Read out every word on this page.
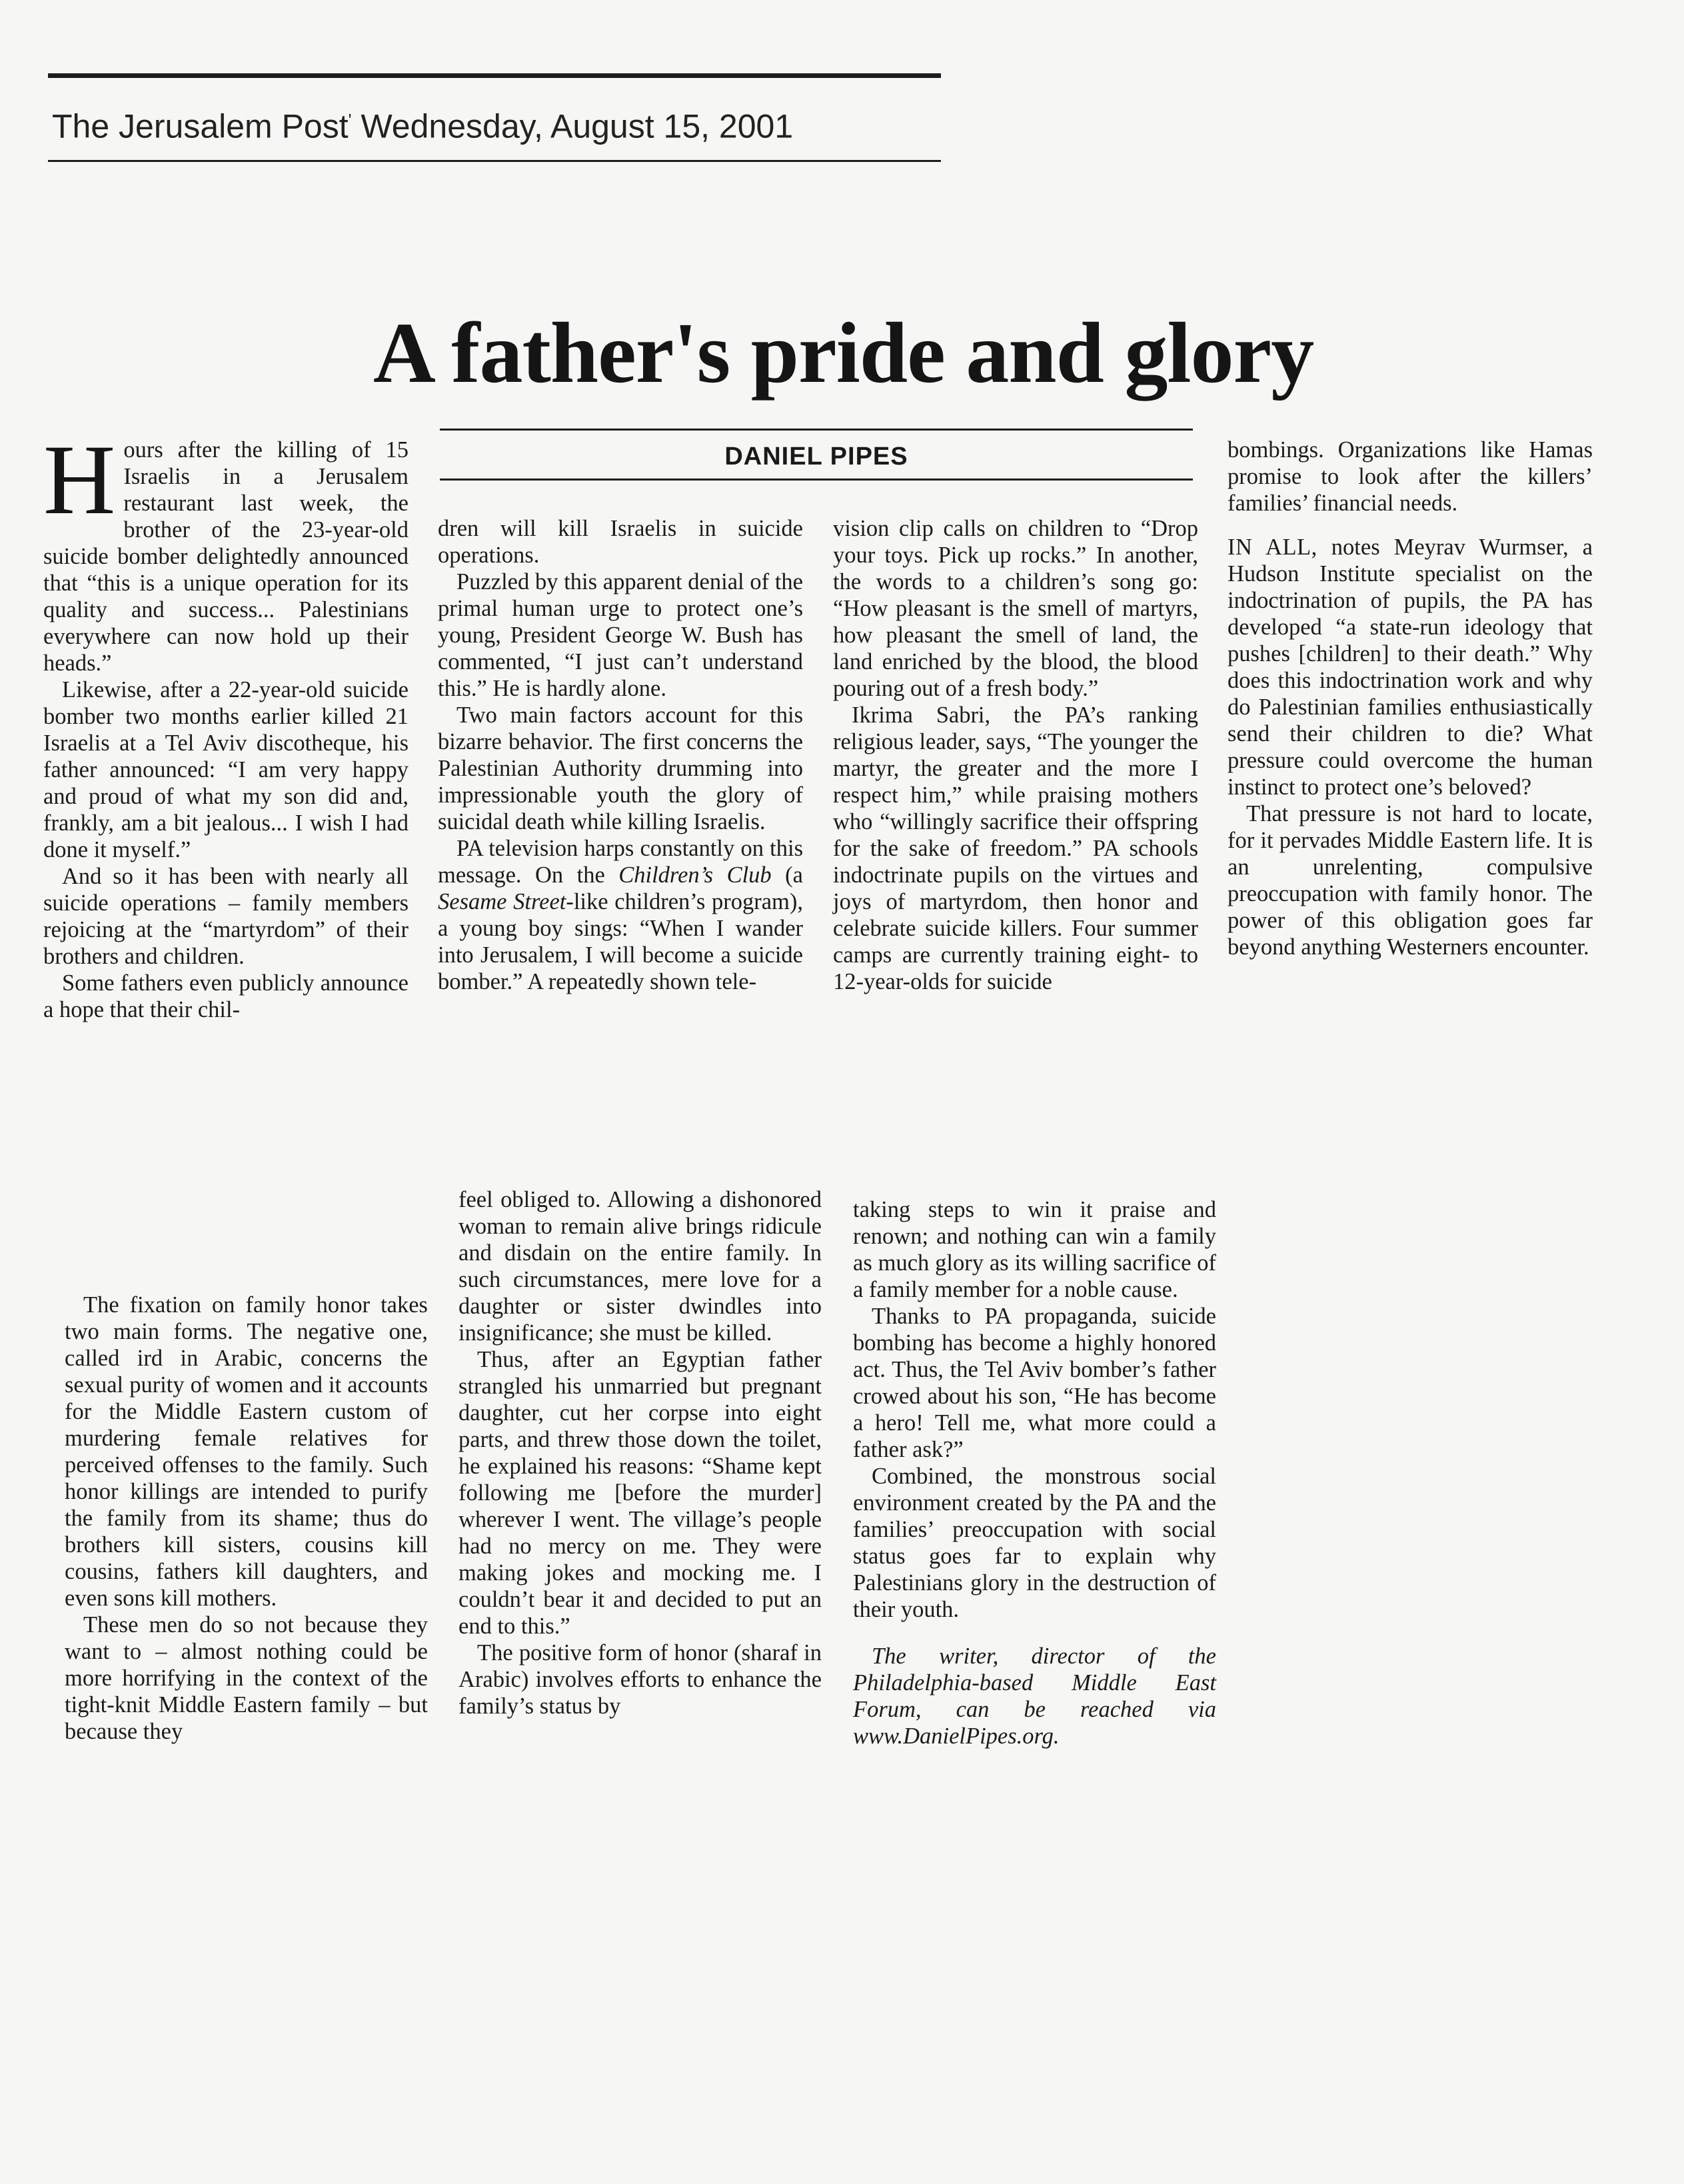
The Jerusalem Post' Wednesday, August 15, 2001
A father's pride and glory
DANIEL PIPES
H ours after the killing of 15 Israelis in a Jerusalem restaurant last week, the brother of the 23-year-old suicide bomber delightedly announced that “this is a unique operation for its quality and success... Palestinians everywhere can now hold up their heads.”

Likewise, after a 22-year-old suicide bomber two months earlier killed 21 Israelis at a Tel Aviv discotheque, his father announced: “I am very happy and proud of what my son did and, frankly, am a bit jealous... I wish I had done it myself.”

And so it has been with nearly all suicide operations – family members rejoicing at the “martyrdom” of their brothers and children.

Some fathers even publicly announce a hope that their chil-

dren will kill Israelis in suicide operations.

Puzzled by this apparent denial of the primal human urge to protect one’s young, President George W. Bush has commented, “I just can’t understand this.” He is hardly alone.

Two main factors account for this bizarre behavior. The first concerns the Palestinian Authority drumming into impressionable youth the glory of suicidal death while killing Israelis.

PA television harps constantly on this message. On the Children’s Club (a Sesame Street-like children’s program), a young boy sings: “When I wander into Jerusalem, I will become a suicide bomber.” A repeatedly shown tele-

vision clip calls on children to “Drop your toys. Pick up rocks.” In another, the words to a children’s song go: “How pleasant is the smell of martyrs, how pleasant the smell of land, the land enriched by the blood, the blood pouring out of a fresh body.”

Ikrima Sabri, the PA’s ranking religious leader, says, “The younger the martyr, the greater and the more I respect him,” while praising mothers who “willingly sacrifice their offspring for the sake of freedom.” PA schools indoctrinate pupils on the virtues and joys of martyrdom, then honor and celebrate suicide killers. Four summer camps are currently training eight- to 12-year-olds for suicide

bombings. Organizations like Hamas promise to look after the killers’ families’ financial needs.

IN ALL, notes Meyrav Wurmser, a Hudson Institute specialist on the indoctrination of pupils, the PA has developed “a state-run ideology that pushes [children] to their death.” Why does this indoctrination work and why do Palestinian families enthusiastically send their children to die? What pressure could overcome the human instinct to protect one’s beloved?

That pressure is not hard to locate, for it pervades Middle Eastern life. It is an unrelenting, compulsive preoccupation with family honor. The power of this obligation goes far beyond anything Westerners encounter.

The fixation on family honor takes two main forms. The negative one, called ird in Arabic, concerns the sexual purity of women and it accounts for the Middle Eastern custom of murdering female relatives for perceived offenses to the family. Such honor killings are intended to purify the family from its shame; thus do brothers kill sisters, cousins kill cousins, fathers kill daughters, and even sons kill mothers.

These men do so not because they want to – almost nothing could be more horrifying in the context of the tight-knit Middle Eastern family – but because they

feel obliged to. Allowing a dishonored woman to remain alive brings ridicule and disdain on the entire family. In such circumstances, mere love for a daughter or sister dwindles into insignificance; she must be killed.

Thus, after an Egyptian father strangled his unmarried but pregnant daughter, cut her corpse into eight parts, and threw those down the toilet, he explained his reasons: “Shame kept following me [before the murder] wherever I went. The village’s people had no mercy on me. They were making jokes and mocking me. I couldn’t bear it and decided to put an end to this.”

The positive form of honor (sharaf in Arabic) involves efforts to enhance the family’s status by

taking steps to win it praise and renown; and nothing can win a family as much glory as its willing sacrifice of a family member for a noble cause.

Thanks to PA propaganda, suicide bombing has become a highly honored act. Thus, the Tel Aviv bomber’s father crowed about his son, “He has become a hero! Tell me, what more could a father ask?”

Combined, the monstrous social environment created by the PA and the families’ preoccupation with social status goes far to explain why Palestinians glory in the destruction of their youth.

The writer, director of the Philadelphia-based Middle East Forum, can be reached via www.DanielPipes.org.
